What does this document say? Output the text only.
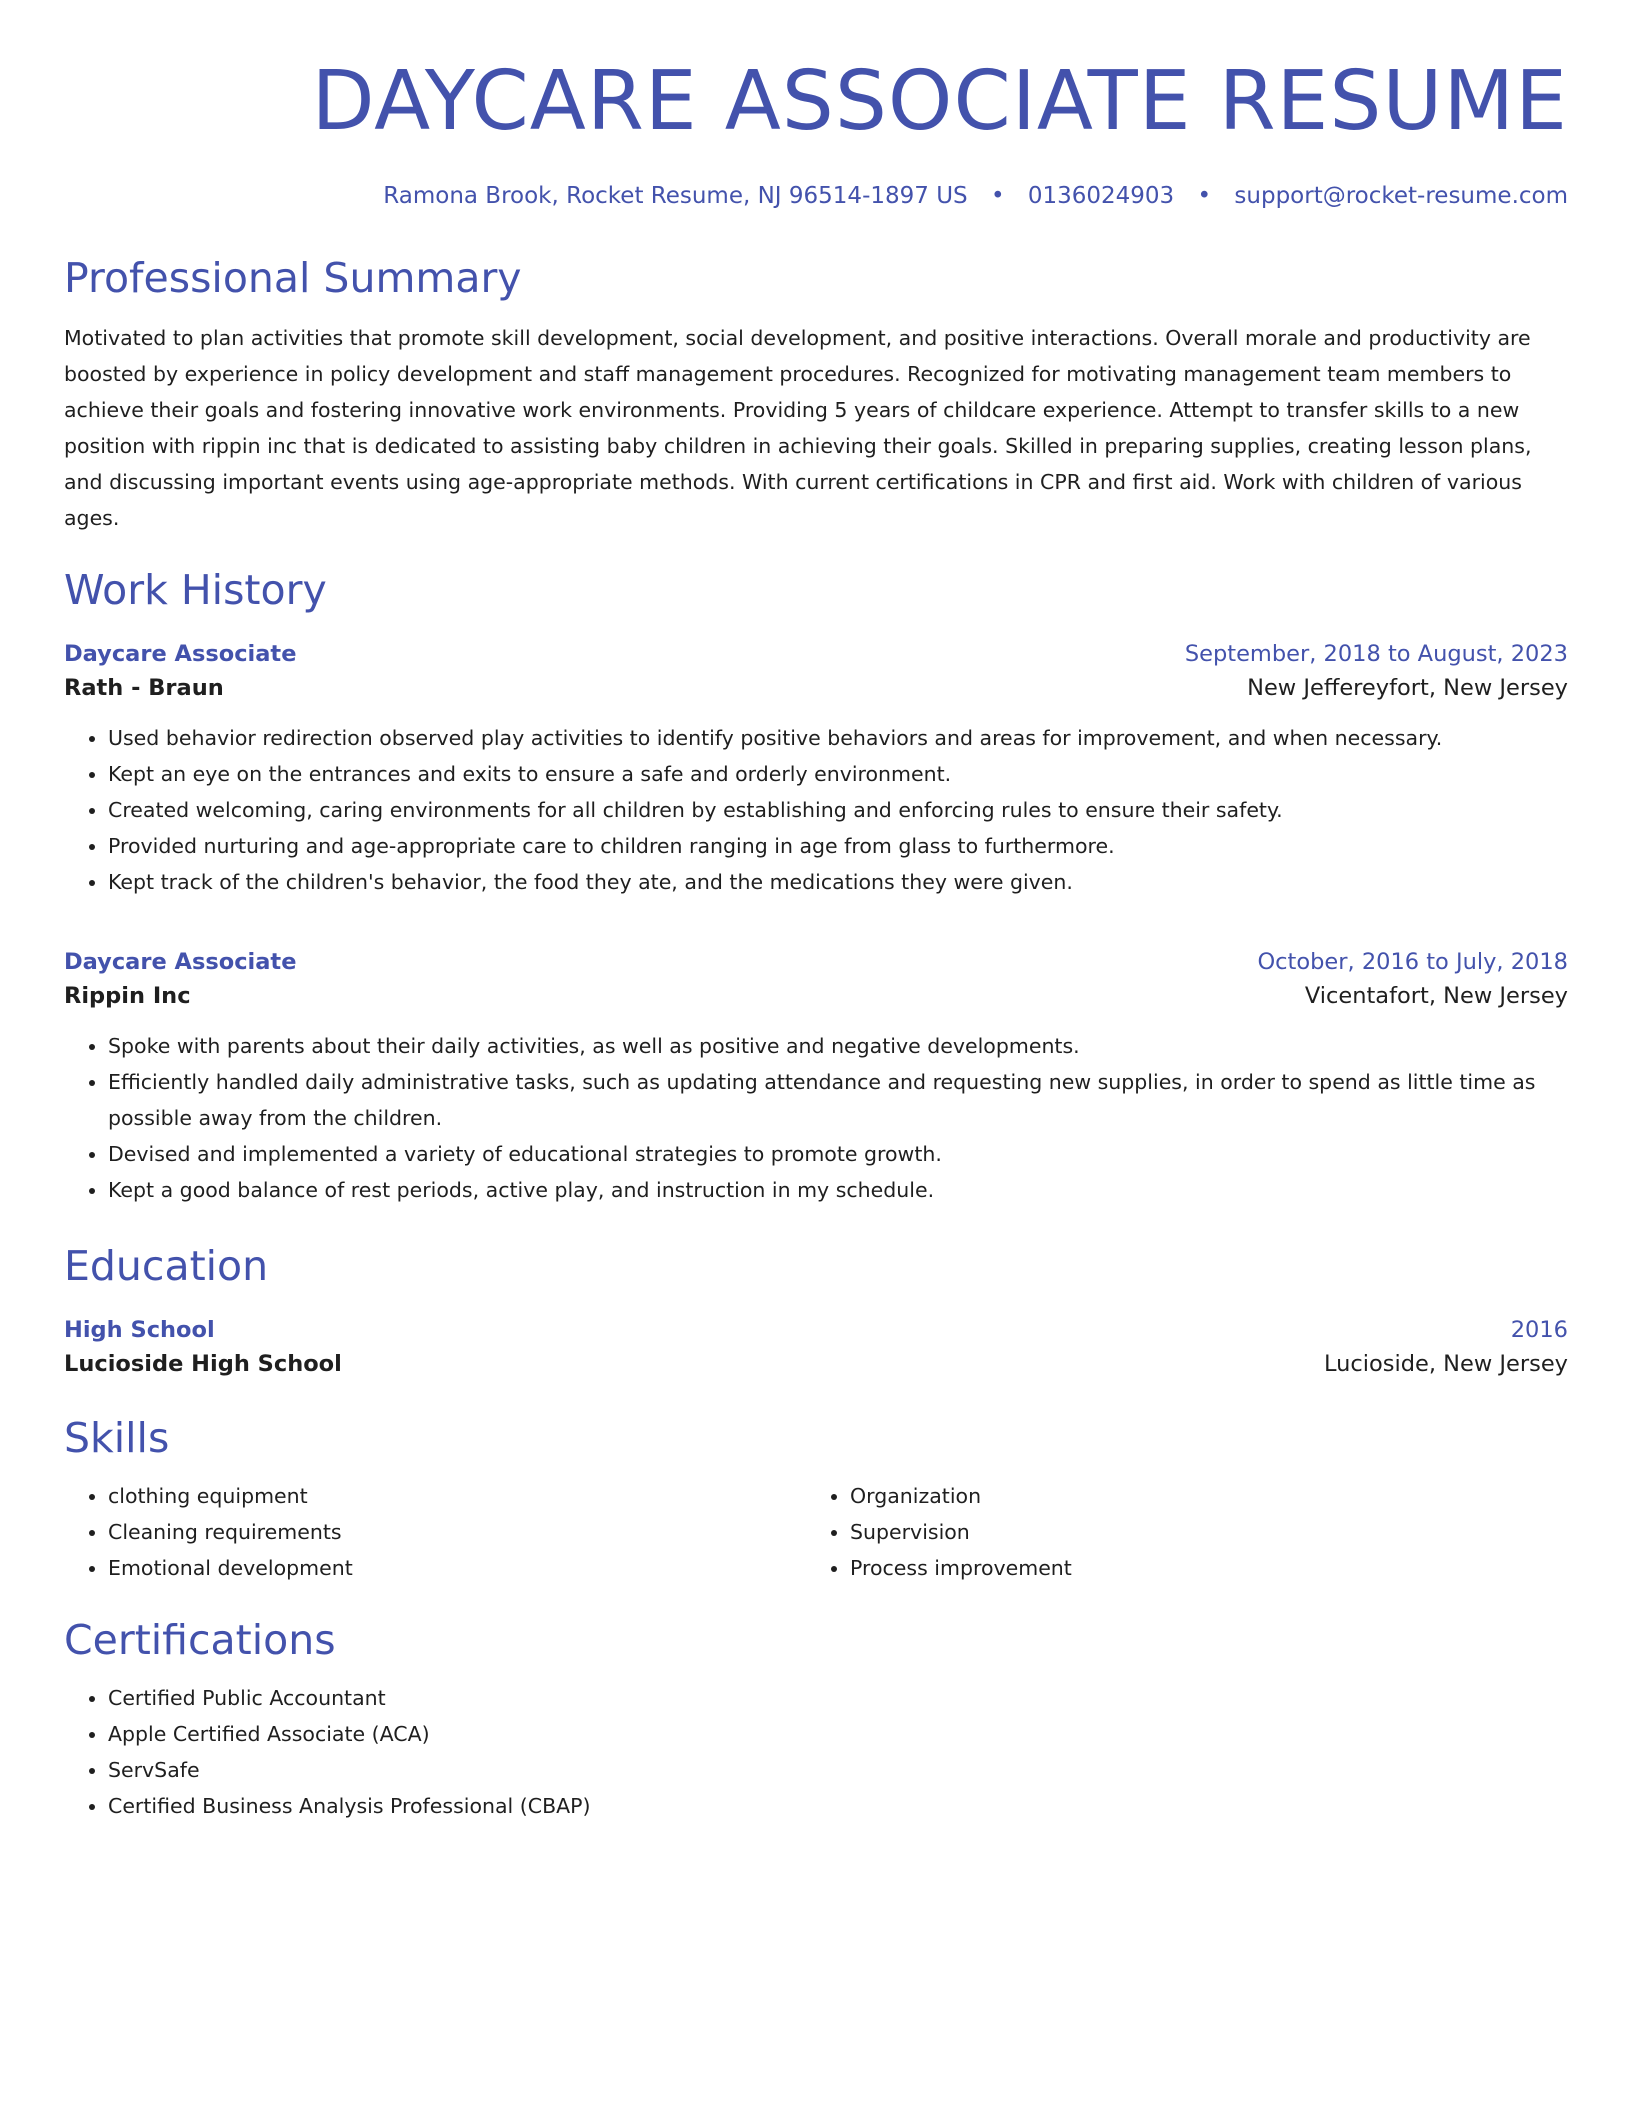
DAYCARE ASSOCIATE RESUME
Ramona Brook, Rocket Resume, NJ 96514-1897 US • 0136024903 • support@rocket-resume.com
Professional Summary
Motivated to plan activities that promote skill development, social development, and positive interactions. Overall morale and productivity are boosted by experience in policy development and staff management procedures. Recognized for motivating management team members to achieve their goals and fostering innovative work environments. Providing 5 years of childcare experience. Attempt to transfer skills to a new position with rippin inc that is dedicated to assisting baby children in achieving their goals. Skilled in preparing supplies, creating lesson plans, and discussing important events using age-appropriate methods. With current certifications in CPR and first aid. Work with children of various ages.
Work History
Daycare Associate	September, 2018 to August, 2023
Rath - Braun	New Jeffereyfort, New Jersey
• Used behavior redirection observed play activities to identify positive behaviors and areas for improvement, and when necessary.
• Kept an eye on the entrances and exits to ensure a safe and orderly environment.
• Created welcoming, caring environments for all children by establishing and enforcing rules to ensure their safety.
• Provided nurturing and age-appropriate care to children ranging in age from glass to furthermore.
• Kept track of the children's behavior, the food they ate, and the medications they were given.
Daycare Associate	October, 2016 to July, 2018
Rippin Inc	Vicentafort, New Jersey
• Spoke with parents about their daily activities, as well as positive and negative developments.
• Efficiently handled daily administrative tasks, such as updating attendance and requesting new supplies, in order to spend as little time as possible away from the children.
• Devised and implemented a variety of educational strategies to promote growth.
• Kept a good balance of rest periods, active play, and instruction in my schedule.
Education
High School	2016
Lucioside High School	Lucioside, New Jersey
Skills
• clothing equipment
• Cleaning requirements
• Emotional development
• Organization
• Supervision
• Process improvement
Certifications
• Certified Public Accountant
• Apple Certified Associate (ACA)
• ServSafe
• Certified Business Analysis Professional (CBAP)
